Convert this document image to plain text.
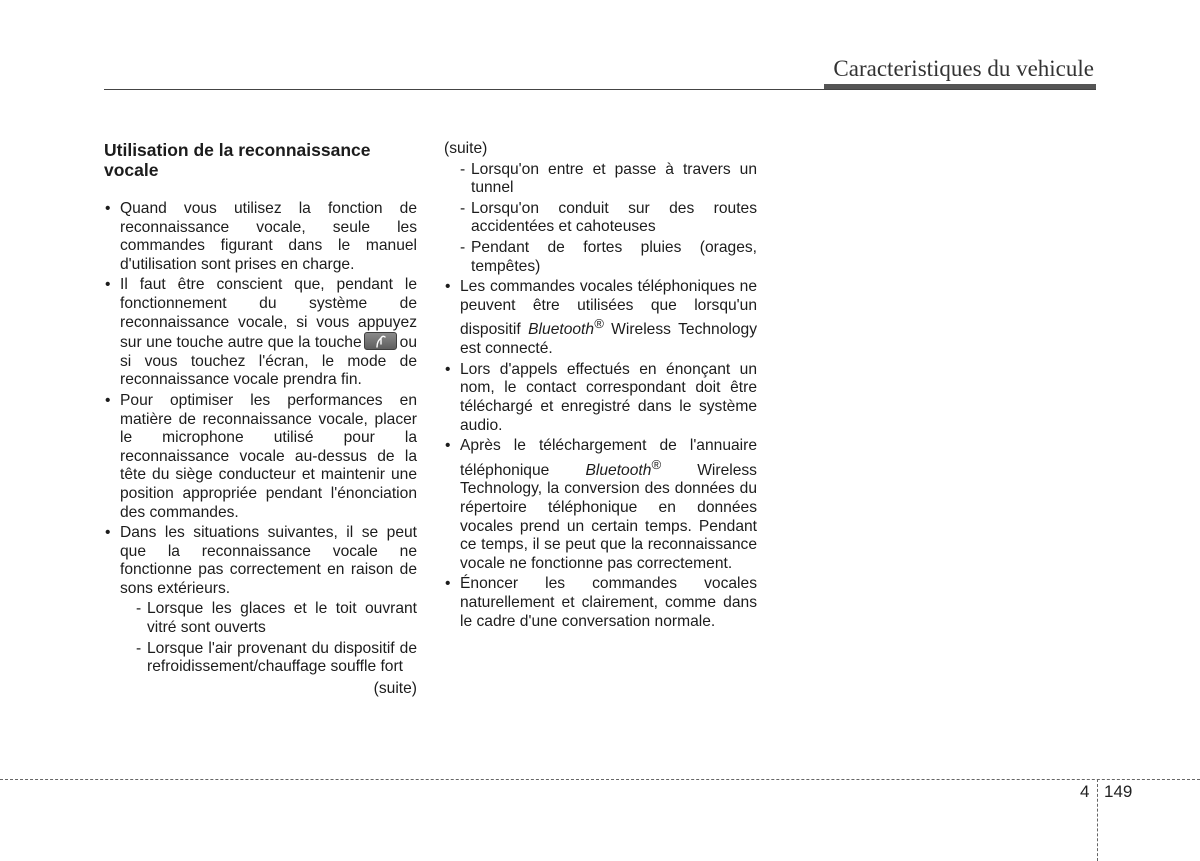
Caracteristiques du vehicule
Utilisation de la reconnaissance vocale
• Quand vous utilisez la fonction de reconnaissance vocale, seule les commandes figurant dans le manuel d'utilisation sont prises en charge.
• Il faut être conscient que, pendant le fonctionnement du système de reconnaissance vocale, si vous appuyez sur une touche autre que la touche ou si vous touchez l'écran, le mode de reconnaissance vocale prendra fin.
• Pour optimiser les performances en matière de reconnaissance vocale, placer le microphone utilisé pour la reconnaissance vocale au-dessus de la tête du siège conducteur et maintenir une position appropriée pendant l'énonciation des commandes.
• Dans les situations suivantes, il se peut que la reconnaissance vocale ne fonctionne pas correctement en raison de sons extérieurs.
- Lorsque les glaces et le toit ouvrant vitré sont ouverts
- Lorsque l'air provenant du dispositif de refroidissement/chauffage souffle fort
(suite)
(suite)
- Lorsqu'on entre et passe à travers un tunnel
- Lorsqu'on conduit sur des routes accidentées et cahoteuses
- Pendant de fortes pluies (orages, tempêtes)
• Les commandes vocales téléphoniques ne peuvent être utilisées que lorsqu'un dispositif Bluetooth® Wireless Technology est connecté.
• Lors d'appels effectués en énonçant un nom, le contact correspondant doit être téléchargé et enregistré dans le système audio.
• Après le téléchargement de l'annuaire téléphonique Bluetooth® Wireless Technology, la conversion des données du répertoire téléphonique en données vocales prend un certain temps. Pendant ce temps, il se peut que la reconnaissance vocale ne fonctionne pas correctement.
• Énoncer les commandes vocales naturellement et clairement, comme dans le cadre d'une conversation normale.
4 149
